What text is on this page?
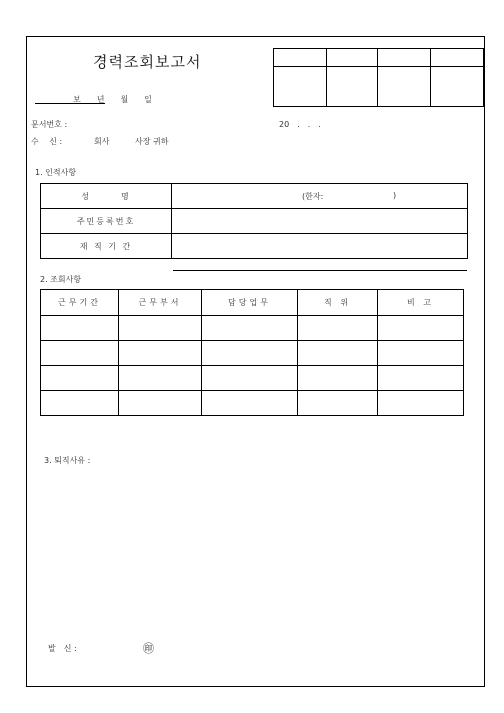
경력조회보고서

보　　년　　월　　일
문서번호 :	20　.　.　.
수　 신 :	회사	사장 귀하
1. 인적사항
성　　　명	(한자: )

주민등록번호	
재 직 기 간	
2. 조회사항
근무기간	근무부서	담당업무	직 위	비 고

3. 퇴직사유 :
발　신 :	㊞
